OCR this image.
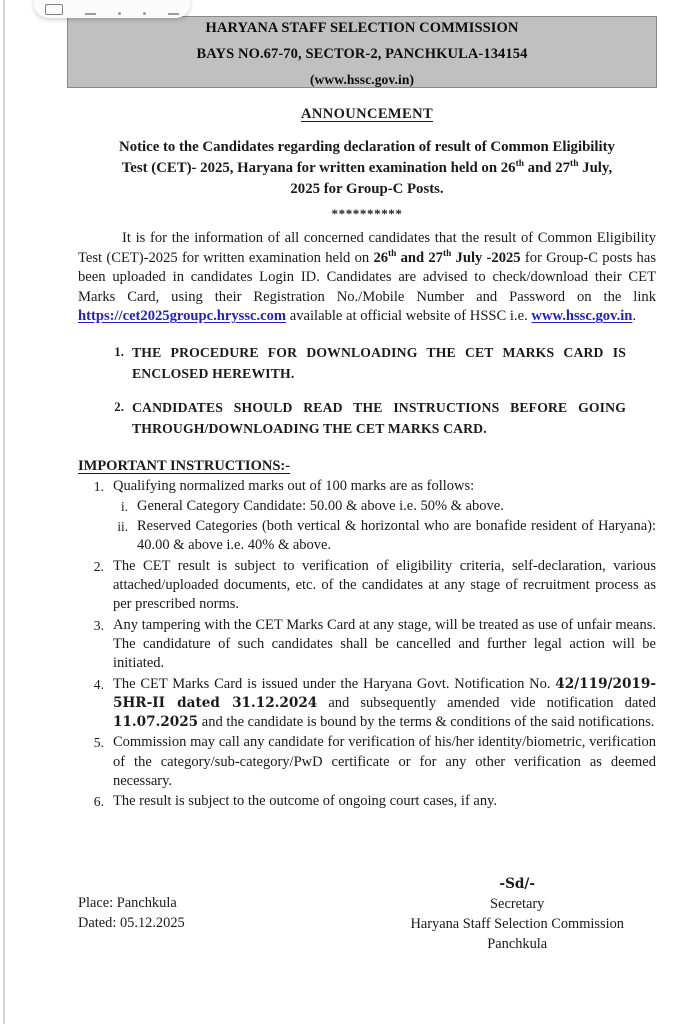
HARYANA STAFF SELECTION COMMISSION
BAYS NO.67-70, SECTOR-2, PANCHKULA-134154
(www.hssc.gov.in)
ANNOUNCEMENT
Notice to the Candidates regarding declaration of result of Common Eligibility Test (CET)- 2025, Haryana for written examination held on 26th and 27th July, 2025 for Group-C Posts.
**********

It is for the information of all concerned candidates that the result of Common Eligibility Test (CET)-2025 for written examination held on 26th and 27th July -2025 for Group-C posts has been uploaded in candidates Login ID. Candidates are advised to check/download their CET Marks Card, using their Registration No./Mobile Number and Password on the link https://cet2025groupc.hryssc.com available at official website of HSSC i.e. www.hssc.gov.in.

1. THE PROCEDURE FOR DOWNLOADING THE CET MARKS CARD IS ENCLOSED HEREWITH.
2. CANDIDATES SHOULD READ THE INSTRUCTIONS BEFORE GOING THROUGH/DOWNLOADING THE CET MARKS CARD.
IMPORTANT INSTRUCTIONS:-
1. Qualifying normalized marks out of 100 marks are as follows:
i. General Category Candidate: 50.00 & above i.e. 50% & above.
ii. Reserved Categories (both vertical & horizontal who are bonafide resident of Haryana): 40.00 & above i.e. 40% & above.
2. The CET result is subject to verification of eligibility criteria, self-declaration, various attached/uploaded documents, etc. of the candidates at any stage of recruitment process as per prescribed norms.
3. Any tampering with the CET Marks Card at any stage, will be treated as use of unfair means. The candidature of such candidates shall be cancelled and further legal action will be initiated.
4. The CET Marks Card is issued under the Haryana Govt. Notification No. 42/119/2019-5HR-II dated 31.12.2024 and subsequently amended vide notification dated 11.07.2025 and the candidate is bound by the terms & conditions of the said notifications.
5. Commission may call any candidate for verification of his/her identity/biometric, verification of the category/sub-category/PwD certificate or for any other verification as deemed necessary.
6. The result is subject to the outcome of ongoing court cases, if any.
Place: Panchkula
Dated: 05.12.2025
-Sd/-
Secretary
Haryana Staff Selection Commission
Panchkula
